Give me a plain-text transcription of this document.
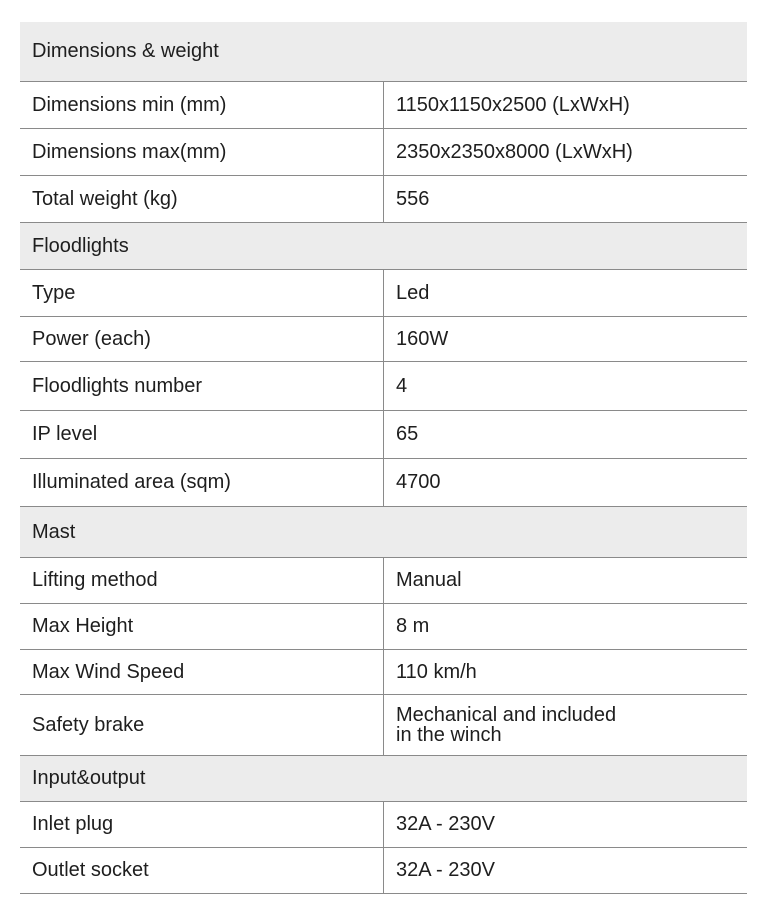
Dimensions & weight	
Dimensions min (mm)	1150x1150x2500 (LxWxH)
Dimensions max(mm)	2350x2350x8000 (LxWxH)
Total weight (kg)	556
Floodlights	
Type	Led
Power (each)	160W
Floodlights number	4
IP level	65
Illuminated area (sqm)	4700
Mast	
Lifting method	Manual
Max Height	8 m
Max Wind Speed	110 km/h
Safety brake	Mechanical and included
in the winch
Input&output	
Inlet plug	32A - 230V
Outlet socket	32A - 230V
